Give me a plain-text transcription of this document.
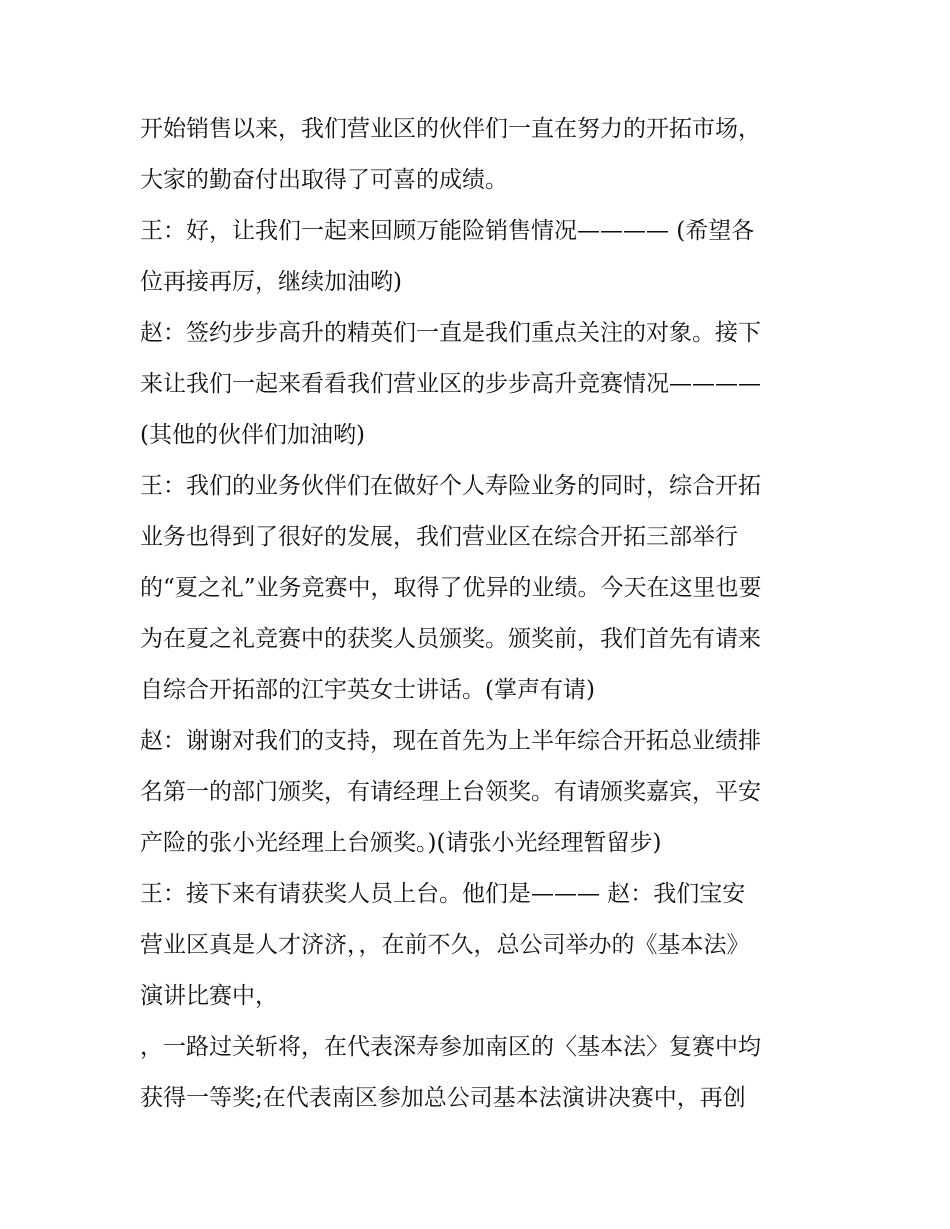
开始销售以来，我们营业区的伙伴们一直在努力的开拓市场，
大家的勤奋付出取得了可喜的成绩。
王：好，让我们一起来回顾万能险销售情况———— (希望各
位再接再厉，继续加油哟)
赵：签约步步高升的精英们一直是我们重点关注的对象。接下
来让我们一起来看看我们营业区的步步高升竞赛情况————
(其他的伙伴们加油哟)
王：我们的业务伙伴们在做好个人寿险业务的同时，综合开拓
业务也得到了很好的发展，我们营业区在综合开拓三部举行
的“夏之礼”业务竞赛中，取得了优异的业绩。今天在这里也要
为在夏之礼竞赛中的获奖人员颁奖。颁奖前，我们首先有请来
自综合开拓部的江宇英女士讲话。(掌声有请)
赵：谢谢对我们的支持，现在首先为上半年综合开拓总业绩排
名第一的部门颁奖，有请经理上台领奖。有请颁奖嘉宾，平安
产险的张小光经理上台颁奖。)(请张小光经理暂留步)
王：接下来有请获奖人员上台。他们是——— 赵：我们宝安
营业区真是人才济济，，在前不久，总公司举办的《基本法》
演讲比赛中，
，一路过关斩将，在代表深寿参加南区的〈基本法〉复赛中均
获得一等奖;在代表南区参加总公司基本法演讲决赛中，再创
